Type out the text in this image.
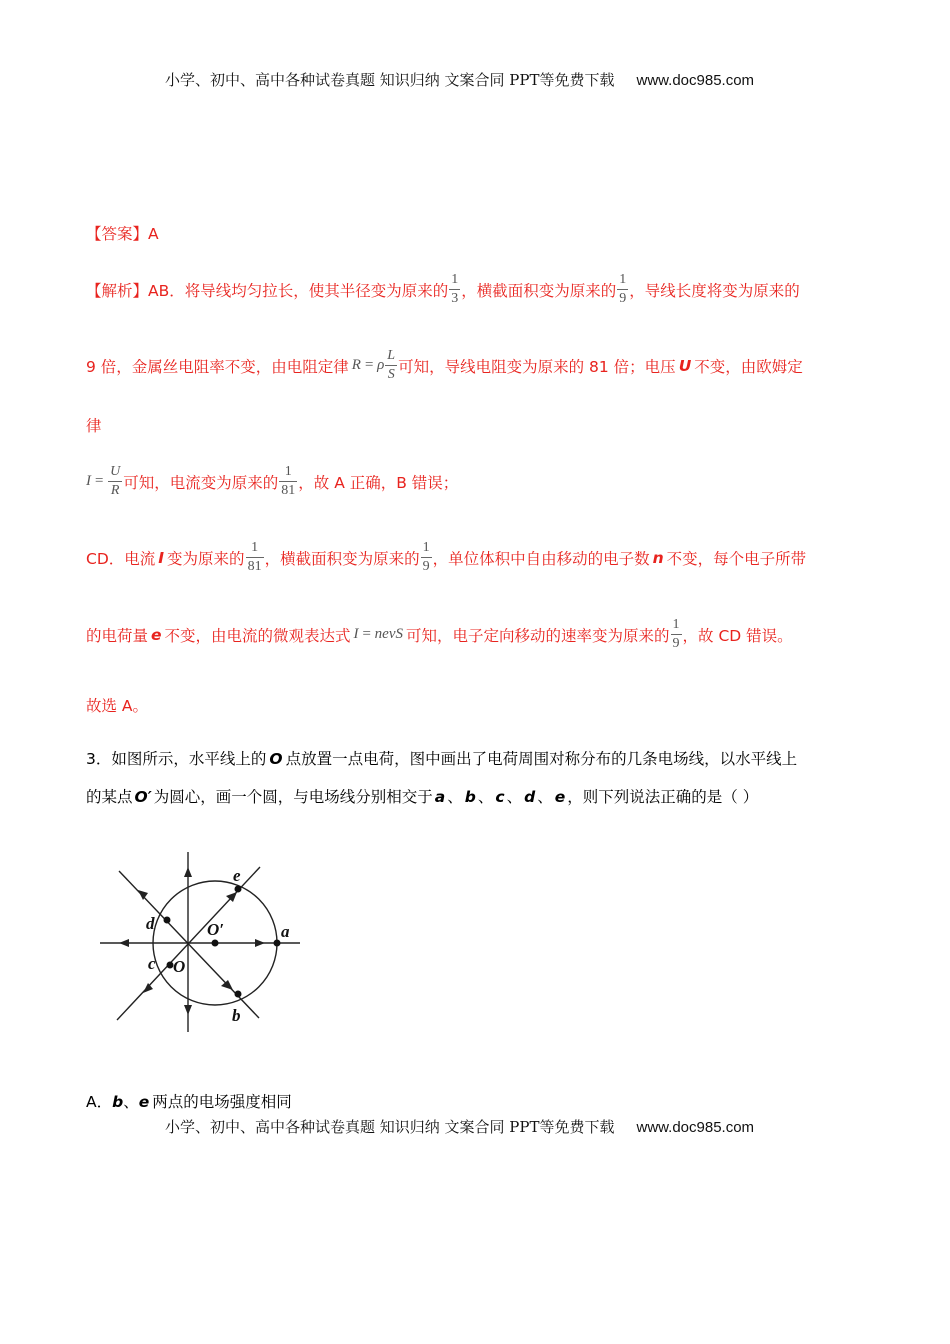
小学、初中、高中各种试卷真题 知识归纳 文案合同 PPT等免费下载 www.doc985.com
【答案】A
【解析】 AB．将导线均匀拉长，使其半径变为原来的 $\frac{1}{3}$ ，横截面积变为原来的 $\frac{1}{9}$ ，导线长度将变为原来的
9 倍，金属丝电阻率不变，由电阻定律 R = ρ $\frac{L}{S}$ 可知，导线电阻变为原来的 81 倍；电压 U 不变，由欧姆定
律
$I = \frac{U}{R}$ 可知，电流变为原来的 $\frac{1}{81}$ ，故 A 正确，B 错误；
CD．电流 I 变为原来的 $\frac{1}{81}$ ，横截面积变为原来的 $\frac{1}{9}$ ，单位体积中自由移动的电子数 n 不变，每个电子所带
的电荷量 e 不变，由电流的微观表达式 I = nevS 可知，电子定向移动的速率变为原来的 $\frac{1}{9}$ ，故 CD 错误。
故选 A。
3．如图所示，水平线上的 O 点放置一点电荷，图中画出了电荷周围对称分布的几条电场线，以水平线上
的某点 O′ 为圆心，画一个圆，与电场线分别相交于 a 、 b 、 c 、 d 、 e ，则下列说法正确的是（ ）
a
b
c
d
e
O
O′
A．b、e 两点的电场强度相同
小学、初中、高中各种试卷真题 知识归纳 文案合同 PPT等免费下载 www.doc985.com
